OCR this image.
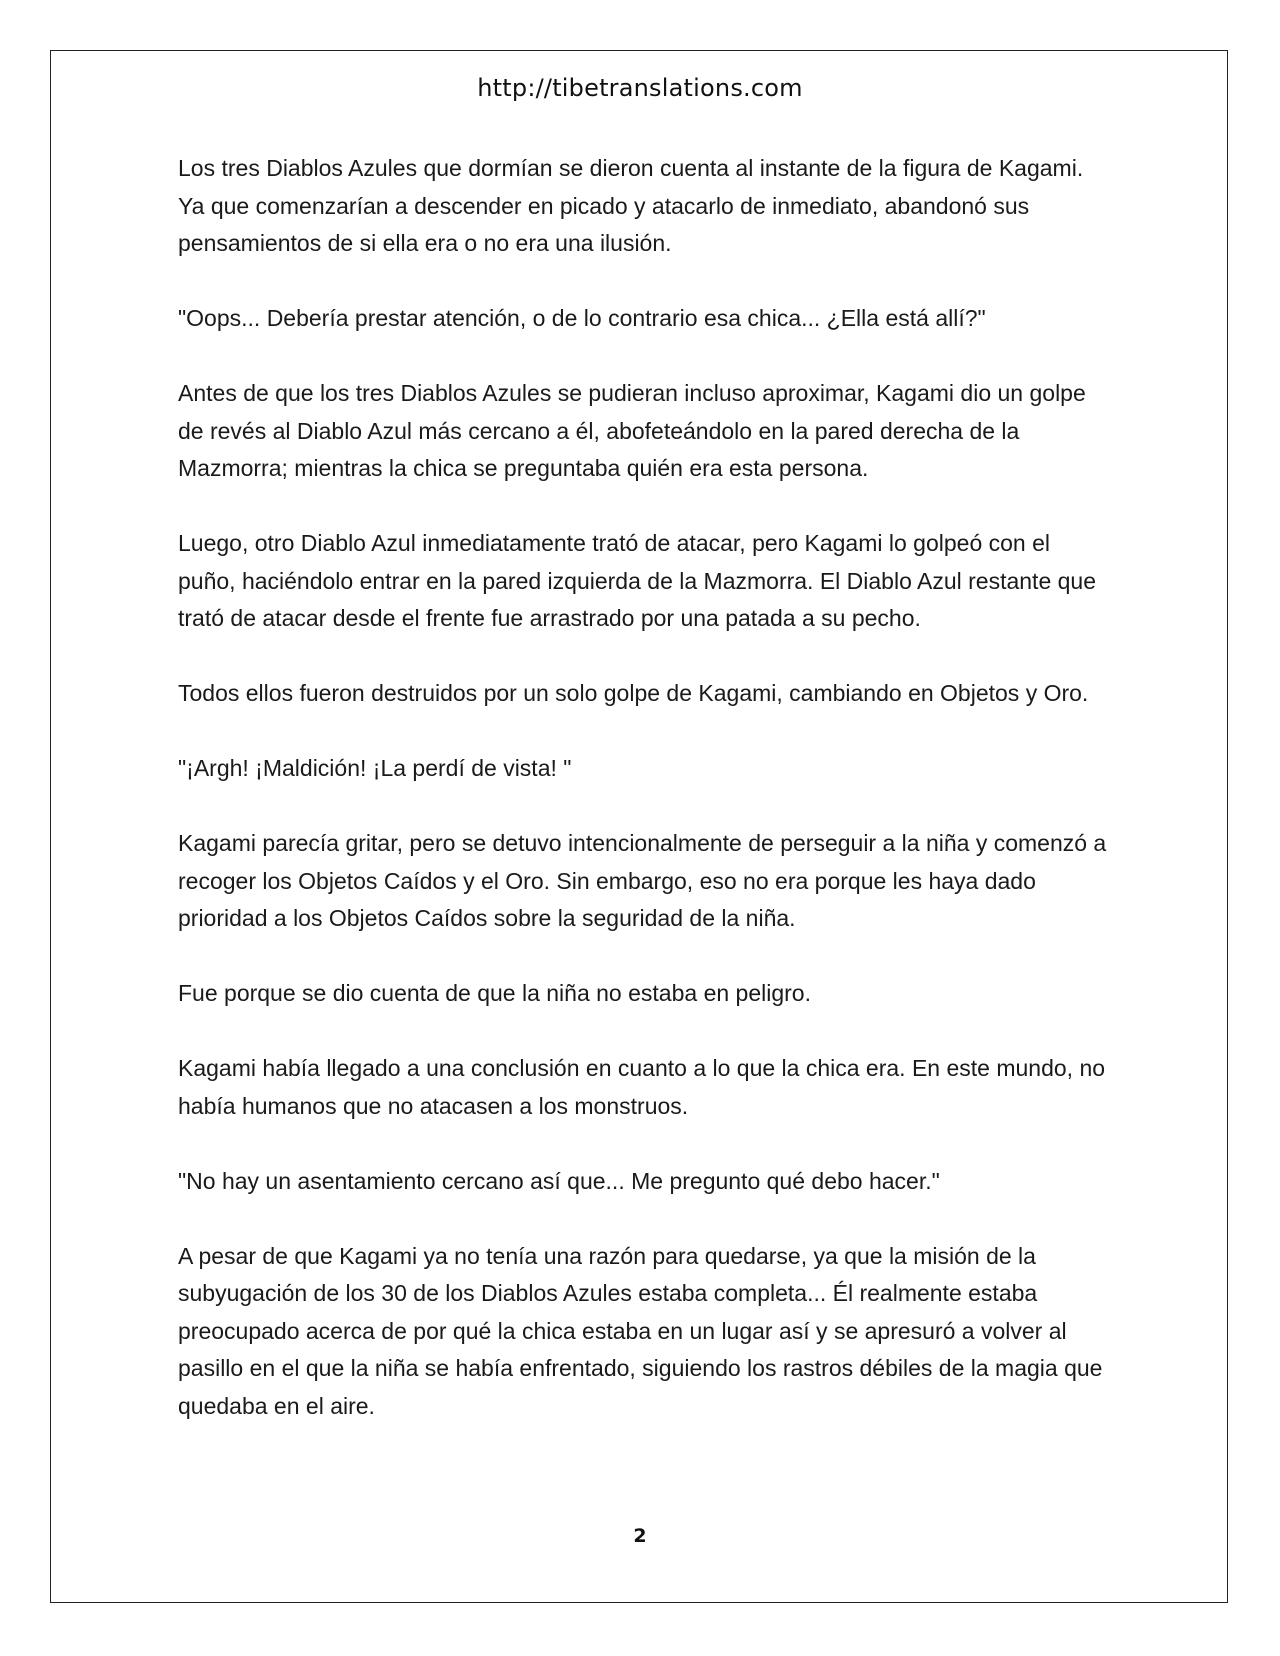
http://tibetranslations.com

Los tres Diablos Azules que dormían se dieron cuenta al instante de la figura de Kagami. Ya que comenzarían a descender en picado y atacarlo de inmediato, abandonó sus pensamientos de si ella era o no era una ilusión.

"Oops... Debería prestar atención, o de lo contrario esa chica... ¿Ella está allí?"

Antes de que los tres Diablos Azules se pudieran incluso aproximar, Kagami dio un golpe de revés al Diablo Azul más cercano a él, abofeteándolo en la pared derecha de la Mazmorra; mientras la chica se preguntaba quién era esta persona.

Luego, otro Diablo Azul inmediatamente trató de atacar, pero Kagami lo golpeó con el puño, haciéndolo entrar en la pared izquierda de la Mazmorra. El Diablo Azul restante que trató de atacar desde el frente fue arrastrado por una patada a su pecho.

Todos ellos fueron destruidos por un solo golpe de Kagami, cambiando en Objetos y Oro.

"¡Argh! ¡Maldición! ¡La perdí de vista! "

Kagami parecía gritar, pero se detuvo intencionalmente de perseguir a la niña y comenzó a recoger los Objetos Caídos y el Oro. Sin embargo, eso no era porque les haya dado prioridad a los Objetos Caídos sobre la seguridad de la niña.

Fue porque se dio cuenta de que la niña no estaba en peligro.

Kagami había llegado a una conclusión en cuanto a lo que la chica era. En este mundo, no había humanos que no atacasen a los monstruos.

"No hay un asentamiento cercano así que... Me pregunto qué debo hacer."

A pesar de que Kagami ya no tenía una razón para quedarse, ya que la misión de la subyugación de los 30 de los Diablos Azules estaba completa... Él realmente estaba preocupado acerca de por qué la chica estaba en un lugar así y se apresuró a volver al pasillo en el que la niña se había enfrentado, siguiendo los rastros débiles de la magia que quedaba en el aire.

2
